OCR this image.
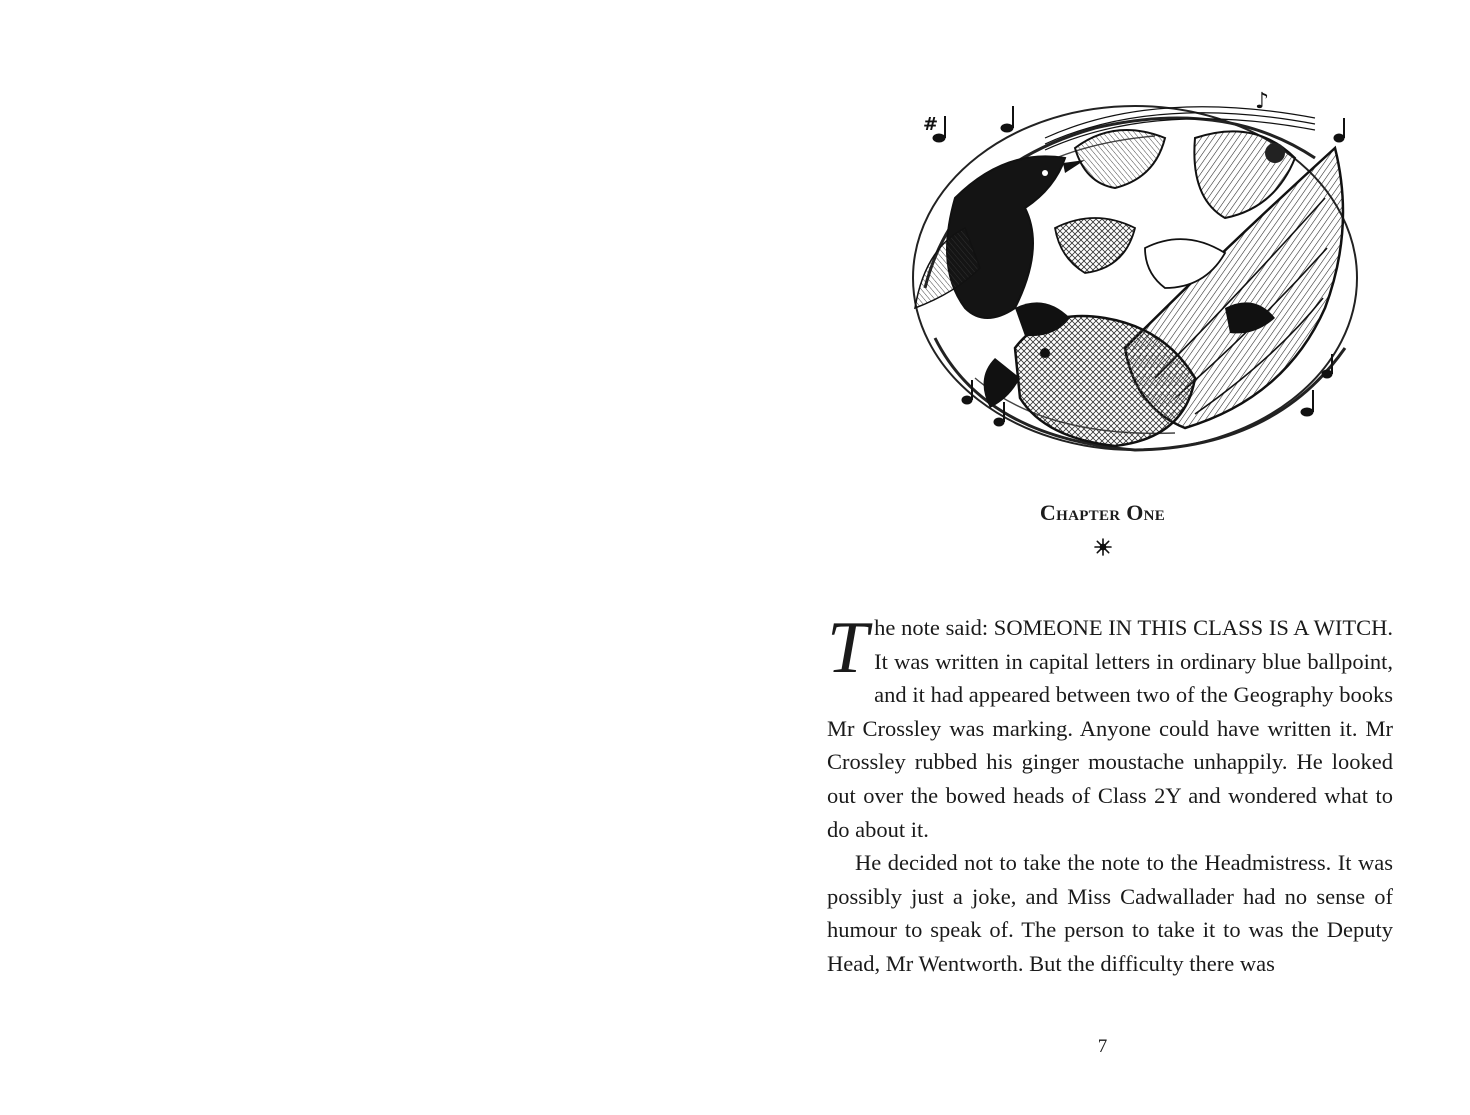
#
♪
Chapter One

The note said: SOMEONE IN THIS CLASS IS A WITCH. It was written in capital letters in ordinary blue ballpoint, and it had appeared between two of the Geography books Mr Crossley was marking. Anyone could have written it. Mr Crossley rubbed his ginger moustache unhappily. He looked out over the bowed heads of Class 2Y and wondered what to do about it.

He decided not to take the note to the Headmistress. It was possibly just a joke, and Miss Cadwallader had no sense of humour to speak of. The person to take it to was the Deputy Head, Mr Wentworth. But the difficulty there was

7
